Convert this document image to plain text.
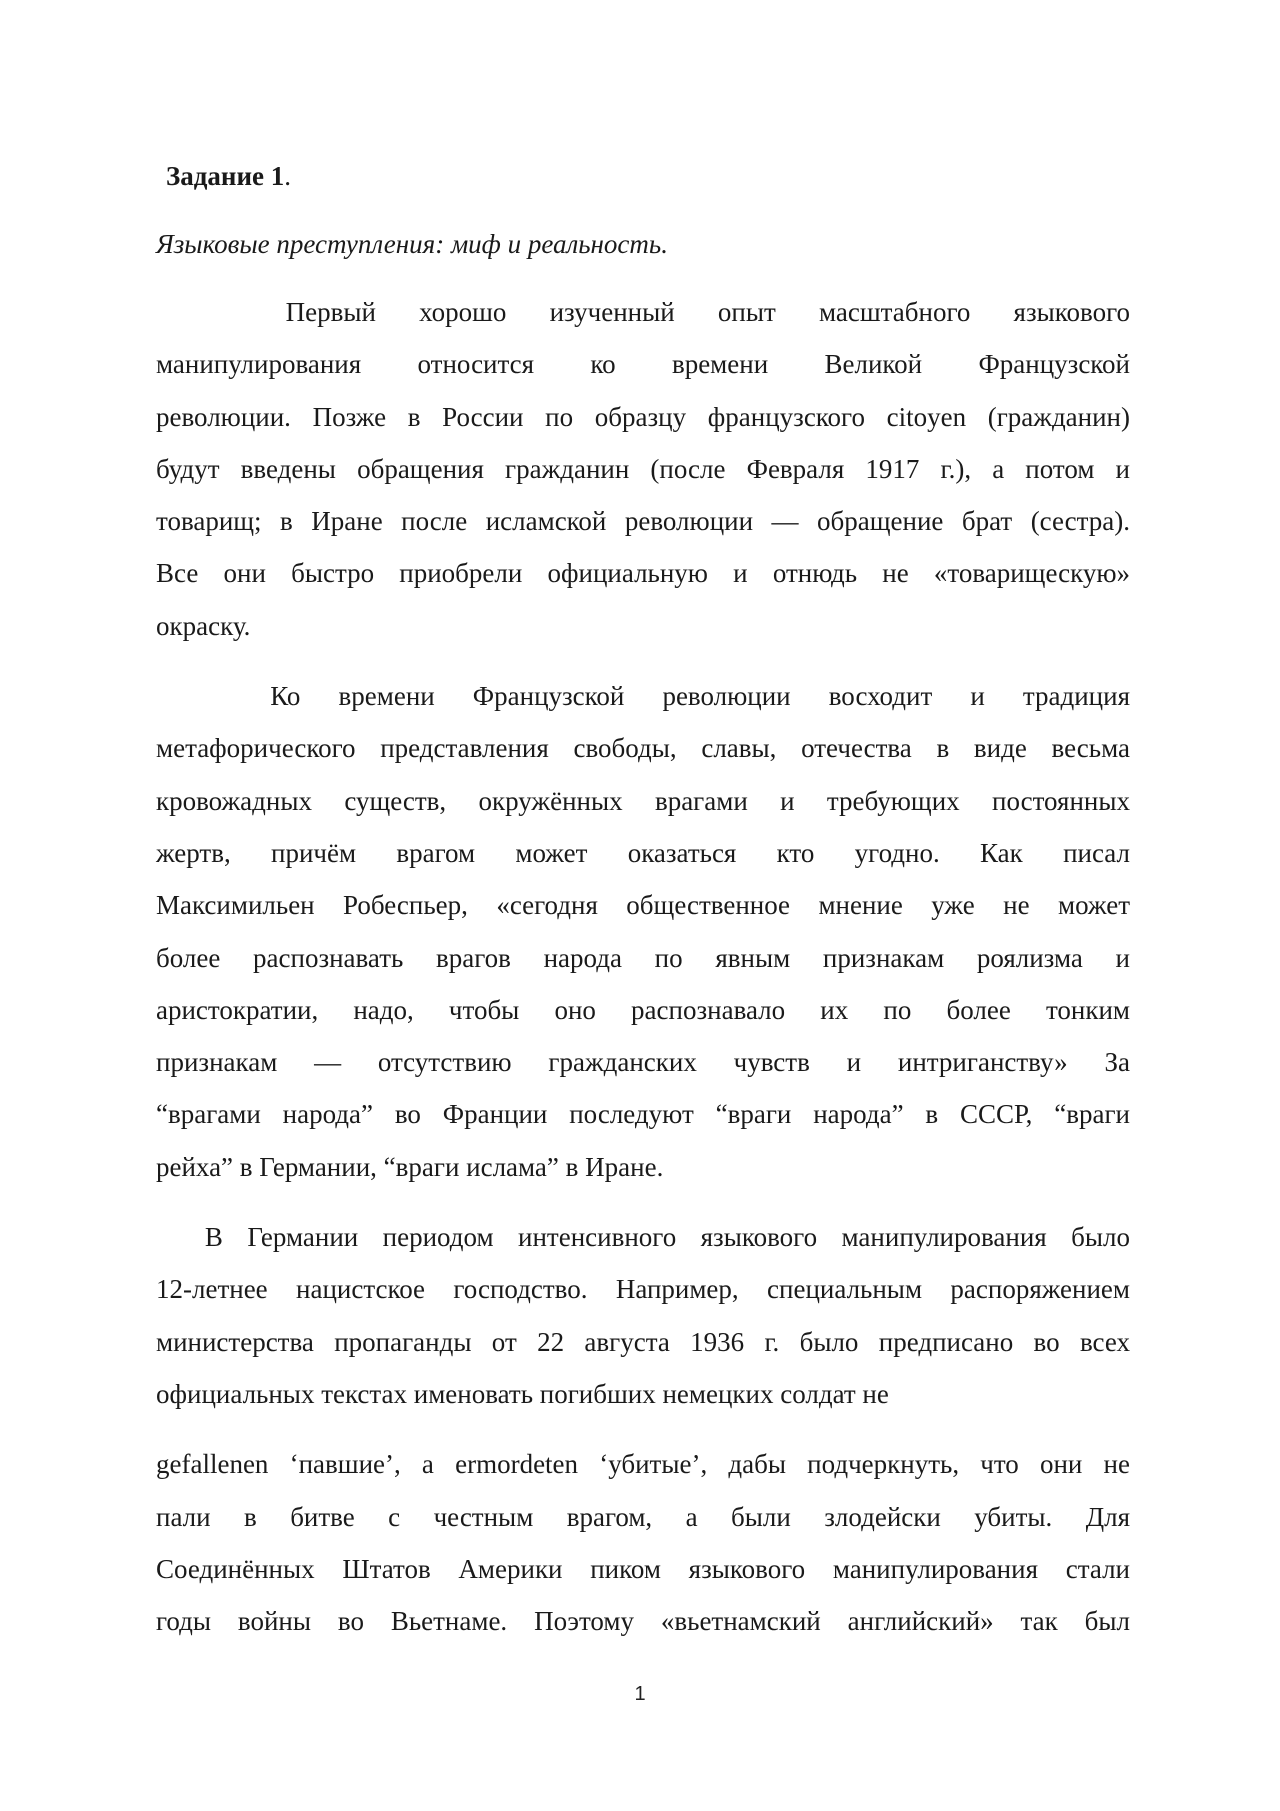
Задание 1.
Языковые преступления: миф и реальность.
Первый хорошо изученный опыт масштабного языкового
манипулирования относится ко времени Великой Французской
революции. Позже в России по образцу французского citoyen (гражданин)
будут введены обращения гражданин (после Февраля 1917 г.), а потом и
товарищ; в Иране после исламской революции — обращение брат (сестра).
Все они быстро приобрели официальную и отнюдь не «товарищескую»
окраску.
Ко времени Французской революции восходит и традиция
метафорического представления свободы, славы, отечества в виде весьма
кровожадных существ, окружённых врагами и требующих постоянных
жертв, причём врагом может оказаться кто угодно. Как писал
Максимильен Робеспьер, «сегодня общественное мнение уже не может
более распознавать врагов народа по явным признакам роялизма и
аристократии, надо, чтобы оно распознавало их по более тонким
признакам — отсутствию гражданских чувств и интриганству» За
“врагами народа” во Франции последуют “враги народа” в СССР, “враги
рейха” в Германии, “враги ислама” в Иране.
В Германии периодом интенсивного языкового манипулирования было
12-летнее нацистское господство. Например, специальным распоряжением
министерства пропаганды от 22 августа 1936 г. было предписано во всех
официальных текстах именовать погибших немецких солдат не
gefallenen ‘павшие’, а ermordeten ‘убитые’, дабы подчеркнуть, что они не
пали в битве с честным врагом, а были злодейски убиты. Для
Соединённых Штатов Америки пиком языкового манипулирования стали
годы войны во Вьетнаме. Поэтому «вьетнамский английский» так был
1
